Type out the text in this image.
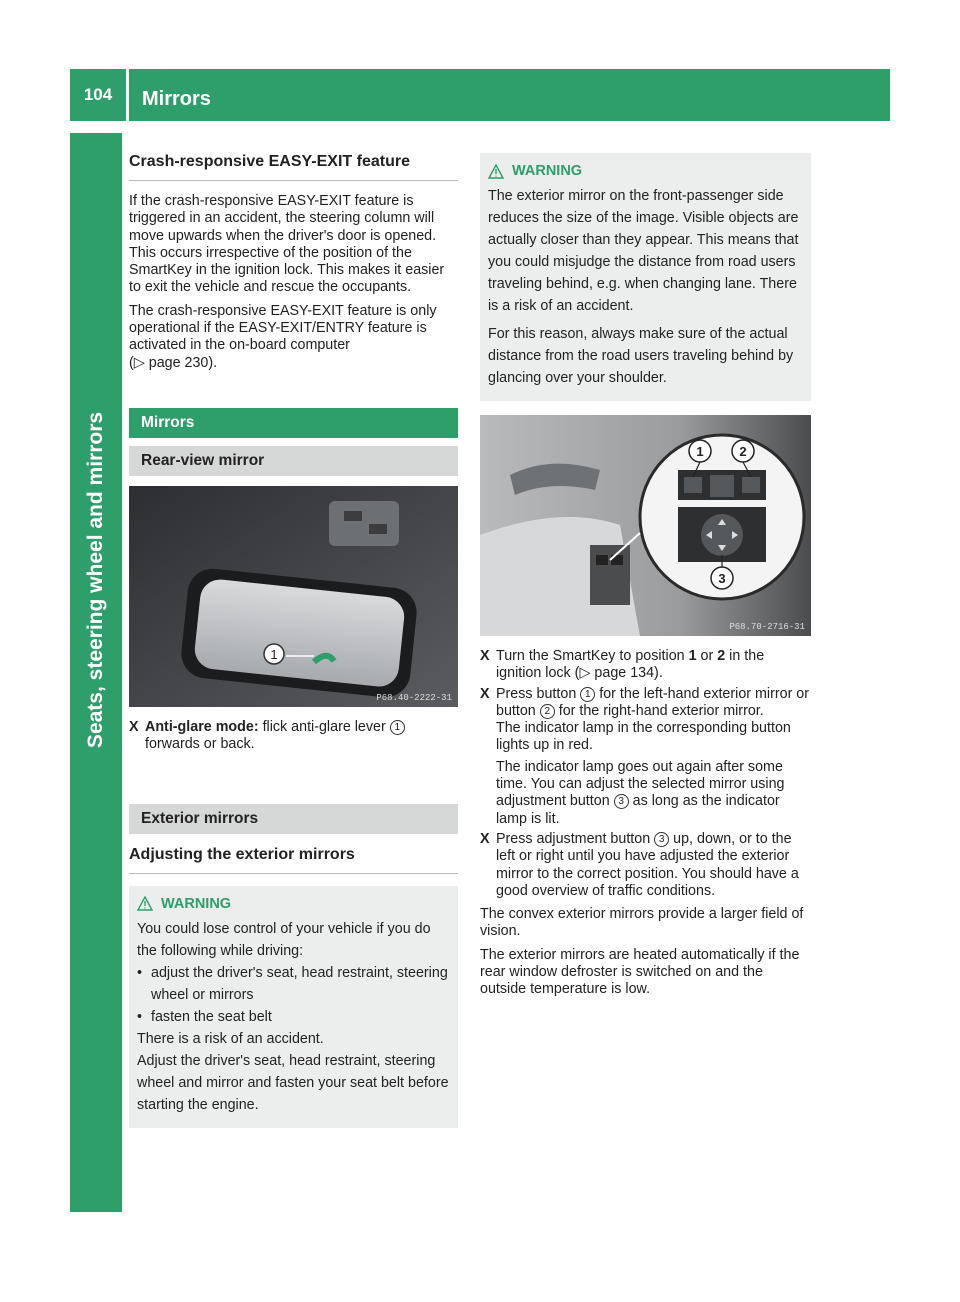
104	Mirrors
Seats, steering wheel and mirrors
Crash-responsive EASY-EXIT feature

If the crash-responsive EASY-EXIT feature is triggered in an accident, the steering column will move upwards when the driver's door is opened. This occurs irrespective of the position of the SmartKey in the ignition lock. This makes it easier to exit the vehicle and rescue the occupants.

The crash-responsive EASY-EXIT feature is only operational if the EASY-EXIT/ENTRY feature is activated in the on-board computer
(▷ page 230).

Mirrors
Rear-view mirror
1
P68.40-2222-31

X Anti-glare mode: flick anti-glare lever 1 forwards or back.

Exterior mirrors
Adjusting the exterior mirrors
WARNING

You could lose control of your vehicle if you do the following while driving:

• adjust the driver's seat, head restraint, steering wheel or mirrors

• fasten the seat belt

There is a risk of an accident.

Adjust the driver's seat, head restraint, steering wheel and mirror and fasten your seat belt before starting the engine.

WARNING

The exterior mirror on the front-passenger side reduces the size of the image. Visible objects are actually closer than they appear. This means that you could misjudge the distance from road users traveling behind, e.g. when changing lane. There is a risk of an accident.

For this reason, always make sure of the actual distance from the road users traveling behind by glancing over your shoulder.

1	2
3
P68.70-2716-31

X Turn the SmartKey to position 1 or 2 in the ignition lock (▷ page 134).

X Press button 1 for the left-hand exterior mirror or button 2 for the right-hand exterior mirror.
The indicator lamp in the corresponding button lights up in red.
The indicator lamp goes out again after some time. You can adjust the selected mirror using adjustment button 3 as long as the indicator lamp is lit.

X Press adjustment button 3 up, down, or to the left or right until you have adjusted the exterior mirror to the correct position. You should have a good overview of traffic conditions.

The convex exterior mirrors provide a larger field of vision.

The exterior mirrors are heated automatically if the rear window defroster is switched on and the outside temperature is low.
